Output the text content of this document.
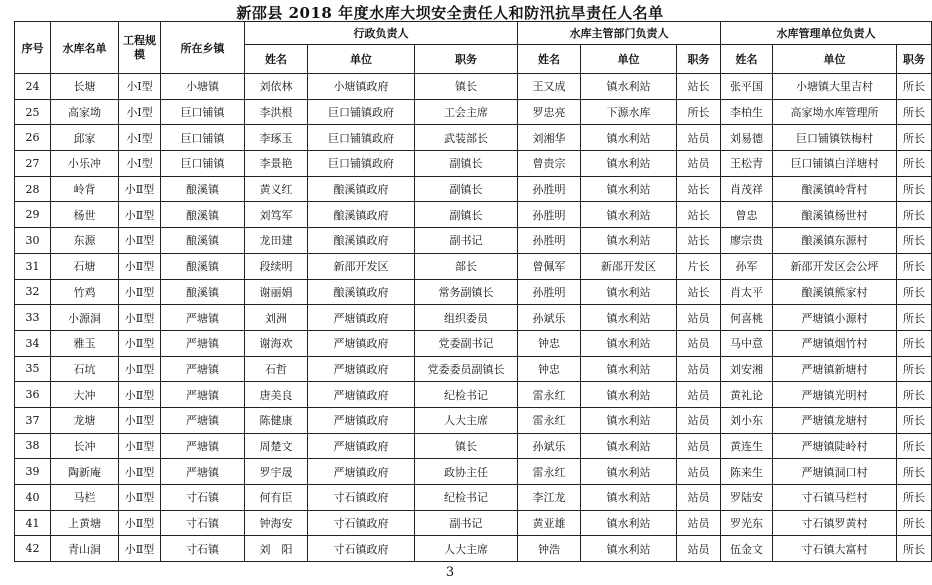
新邵县 2018 年度水库大坝安全责任人和防汛抗旱责任人名单
序号	水库名单	工程规模	所在乡镇	行政负责人			水库主管部门负责人			水库管理单位负责人		
				姓名	单位	职务	姓名	单位	职务	姓名	单位	职务
24	长塘	小Ⅰ型	小塘镇	刘依林	小塘镇政府	镇长	王又成	镇水利站	站长	张平国	小塘镇大里吉村	所长
25	高家坳	小Ⅰ型	巨口铺镇	李洪根	巨口铺镇政府	工会主席	罗忠亮	下源水库	所长	李柏生	高家坳水库管理所	所长
26	邱家	小Ⅰ型	巨口铺镇	李琢玉	巨口铺镇政府	武装部长	刘湘华	镇水利站	站员	刘易德	巨口铺镇铁梅村	所长
27	小乐冲	小Ⅰ型	巨口铺镇	李景艳	巨口铺镇政府	副镇长	曾贵宗	镇水利站	站员	王松青	巨口铺镇白洋塘村	所长
28	岭背	小Ⅱ型	酿溪镇	黄义红	酿溪镇政府	副镇长	孙胜明	镇水利站	站长	肖茂祥	酿溪镇岭背村	所长
29	杨世	小Ⅱ型	酿溪镇	刘笃军	酿溪镇政府	副镇长	孙胜明	镇水利站	站长	曾忠	酿溪镇杨世村	所长
30	东源	小Ⅱ型	酿溪镇	龙田建	酿溪镇政府	副书记	孙胜明	镇水利站	站长	廖宗贵	酿溪镇东源村	所长
31	石塘	小Ⅱ型	酿溪镇	段续明	新邵开发区	部长	曾佩军	新邵开发区	片长	孙军	新邵开发区会公坪	所长
32	竹鸡	小Ⅱ型	酿溪镇	谢丽娟	酿溪镇政府	常务副镇长	孙胜明	镇水利站	站长	肖太平	酿溪镇熊家村	所长
33	小源洞	小Ⅱ型	严塘镇	刘洲	严塘镇政府	组织委员	孙斌乐	镇水利站	站员	何喜桃	严塘镇小源村	所长
34	雅玉	小Ⅱ型	严塘镇	谢海欢	严塘镇政府	党委副书记	钟忠	镇水利站	站员	马中意	严塘镇烟竹村	所长
35	石坑	小Ⅱ型	严塘镇	石哲	严塘镇政府	党委委员副镇长	钟忠	镇水利站	站员	刘安湘	严塘镇新塘村	所长
36	大冲	小Ⅱ型	严塘镇	唐美良	严塘镇政府	纪检书记	雷永红	镇水利站	站员	黄礼论	严塘镇光明村	所长
37	龙塘	小Ⅱ型	严塘镇	陈健康	严塘镇政府	人大主席	雷永红	镇水利站	站员	刘小东	严塘镇龙塘村	所长
38	长冲	小Ⅱ型	严塘镇	周楚文	严塘镇政府	镇长	孙斌乐	镇水利站	站员	黄连生	严塘镇陡岭村	所长
39	陶新庵	小Ⅱ型	严塘镇	罗宇晟	严塘镇政府	政协主任	雷永红	镇水利站	站员	陈来生	严塘镇洞口村	所长
40	马栏	小Ⅱ型	寸石镇	何有臣	寸石镇政府	纪检书记	李江龙	镇水利站	站员	罗陆安	寸石镇马栏村	所长
41	上黄塘	小Ⅱ型	寸石镇	钟海安	寸石镇政府	副书记	黄亚雄	镇水利站	站员	罗光东	寸石镇罗黄村	所长
42	青山洞	小Ⅱ型	寸石镇	刘　阳	寸石镇政府	人大主席	钟浩	镇水利站	站员	伍金文	寸石镇大富村	所长
3
